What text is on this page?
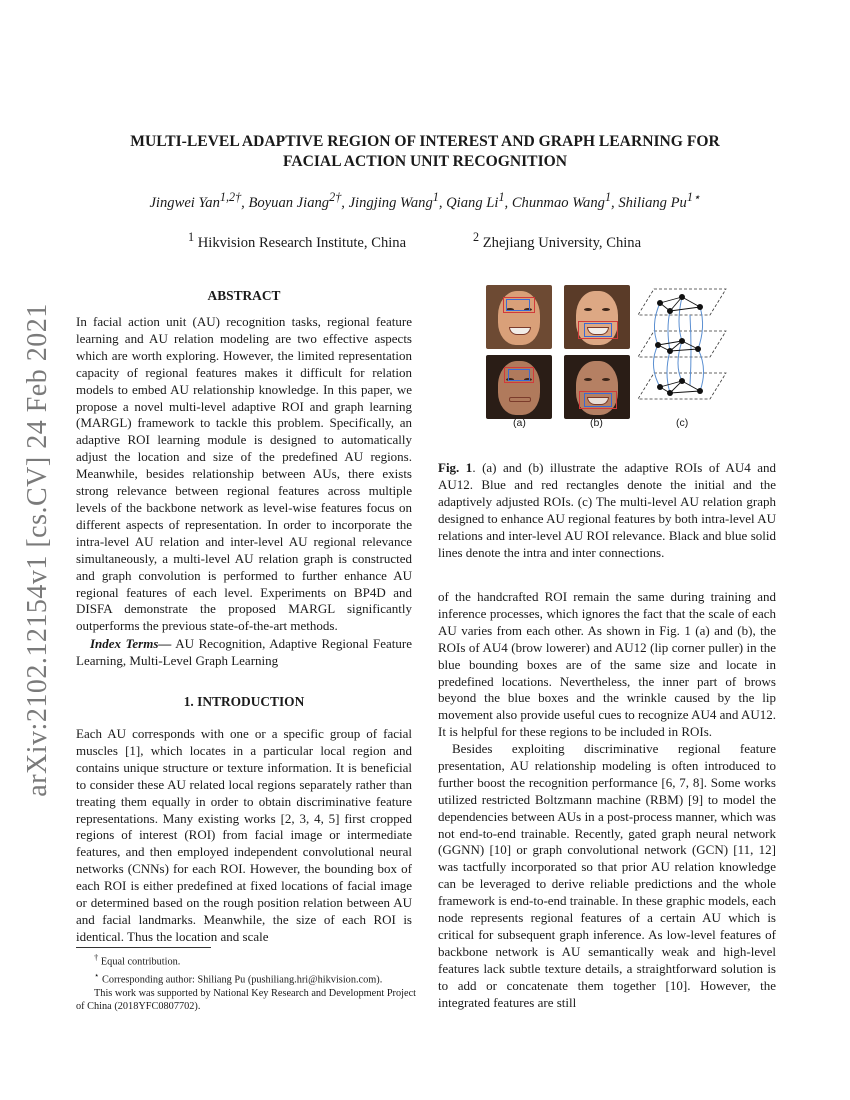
arXiv:2102.12154v1 [cs.CV] 24 Feb 2021
MULTI-LEVEL ADAPTIVE REGION OF INTEREST AND GRAPH LEARNING FOR
FACIAL ACTION UNIT RECOGNITION
Jingwei Yan$^{1,2\dagger}$, Boyuan Jiang$^{2\dagger}$, Jingjing Wang$^1$, Qiang Li$^1$, Chunmao Wang$^1$, Shiliang $Pu^{1⋆}$
$^1$ Hikvision Research Institute, China	$^2$ Zhejiang University, China
ABSTRACT
In facial action unit (AU) recognition tasks, regional feature learning and AU relation modeling are two effective aspects which are worth exploring. However, the limited representation capacity of regional features makes it difficult for relation models to embed AU relationship knowledge. In this paper, we propose a novel multi-level adaptive ROI and graph learning (MARGL) framework to tackle this problem. Specifically, an adaptive ROI learning module is designed to automatically adjust the location and size of the predefined AU regions. Meanwhile, besides relationship between AUs, there exists strong relevance between regional features across multiple levels of the backbone network as level-wise features focus on different aspects of representation. In order to incorporate the intra-level AU relation and inter-level AU regional relevance simultaneously, a multi-level AU relation graph is constructed and graph convolution is performed to further enhance AU regional features of each level. Experiments on BP4D and DISFA demonstrate the proposed MARGL significantly outperforms the previous state-of-the-art methods.
Index Terms— AU Recognition, Adaptive Regional Feature Learning, Multi-Level Graph Learning
1. INTRODUCTION
Each AU corresponds with one or a specific group of facial muscles [1], which locates in a particular local region and contains unique structure or texture information. It is beneficial to consider these AU related local regions separately rather than treating them equally in order to obtain discriminative feature representations. Many existing works [2, 3, 4, 5] first cropped regions of interest (ROI) from facial image or intermediate features, and then employed independent convolutional neural networks (CNNs) for each ROI. However, the bounding box of each ROI is either predefined at fixed locations of facial image or determined based on the rough position relation between AU and facial landmarks. Meanwhile, the size of each ROI is identical. Thus the location and scale
† Equal contribution.
⋆ Corresponding author: Shiliang Pu (pushiliang.hri@hikvision.com).
This work was supported by National Key Research and Development Project of China (2018YFC0807702).
(a)	(b)	(c)
Fig. 1. (a) and (b) illustrate the adaptive ROIs of AU4 and AU12. Blue and red rectangles denote the initial and the adaptively adjusted ROIs. (c) The multi-level AU relation graph designed to enhance AU regional features by both intra-level AU relations and inter-level AU ROI relevance. Black and blue solid lines denote the intra and inter connections.
of the handcrafted ROI remain the same during training and inference processes, which ignores the fact that the scale of each AU varies from each other. As shown in Fig. 1 (a) and (b), the ROIs of AU4 (brow lowerer) and AU12 (lip corner puller) in the blue bounding boxes are of the same size and locate in predefined locations. Nevertheless, the inner part of brows beyond the blue boxes and the wrinkle caused by the lip movement also provide useful cues to recognize AU4 and AU12. It is helpful for these regions to be included in ROIs.
Besides exploiting discriminative regional feature presentation, AU relationship modeling is often introduced to further boost the recognition performance [6, 7, 8]. Some works utilized restricted Boltzmann machine (RBM) [9] to model the dependencies between AUs in a post-process manner, which was not end-to-end trainable. Recently, gated graph neural network (GGNN) [10] or graph convolutional network (GCN) [11, 12] was tactfully incorporated so that prior AU relation knowledge can be leveraged to derive reliable predictions and the whole framework is end-to-end trainable. In these graphic models, each node represents regional features of a certain AU which is critical for subsequent graph inference. As low-level features of backbone network is AU semantically weak and high-level features lack subtle texture details, a straightforward solution is to add or concatenate them together [10]. However, the integrated features are still
